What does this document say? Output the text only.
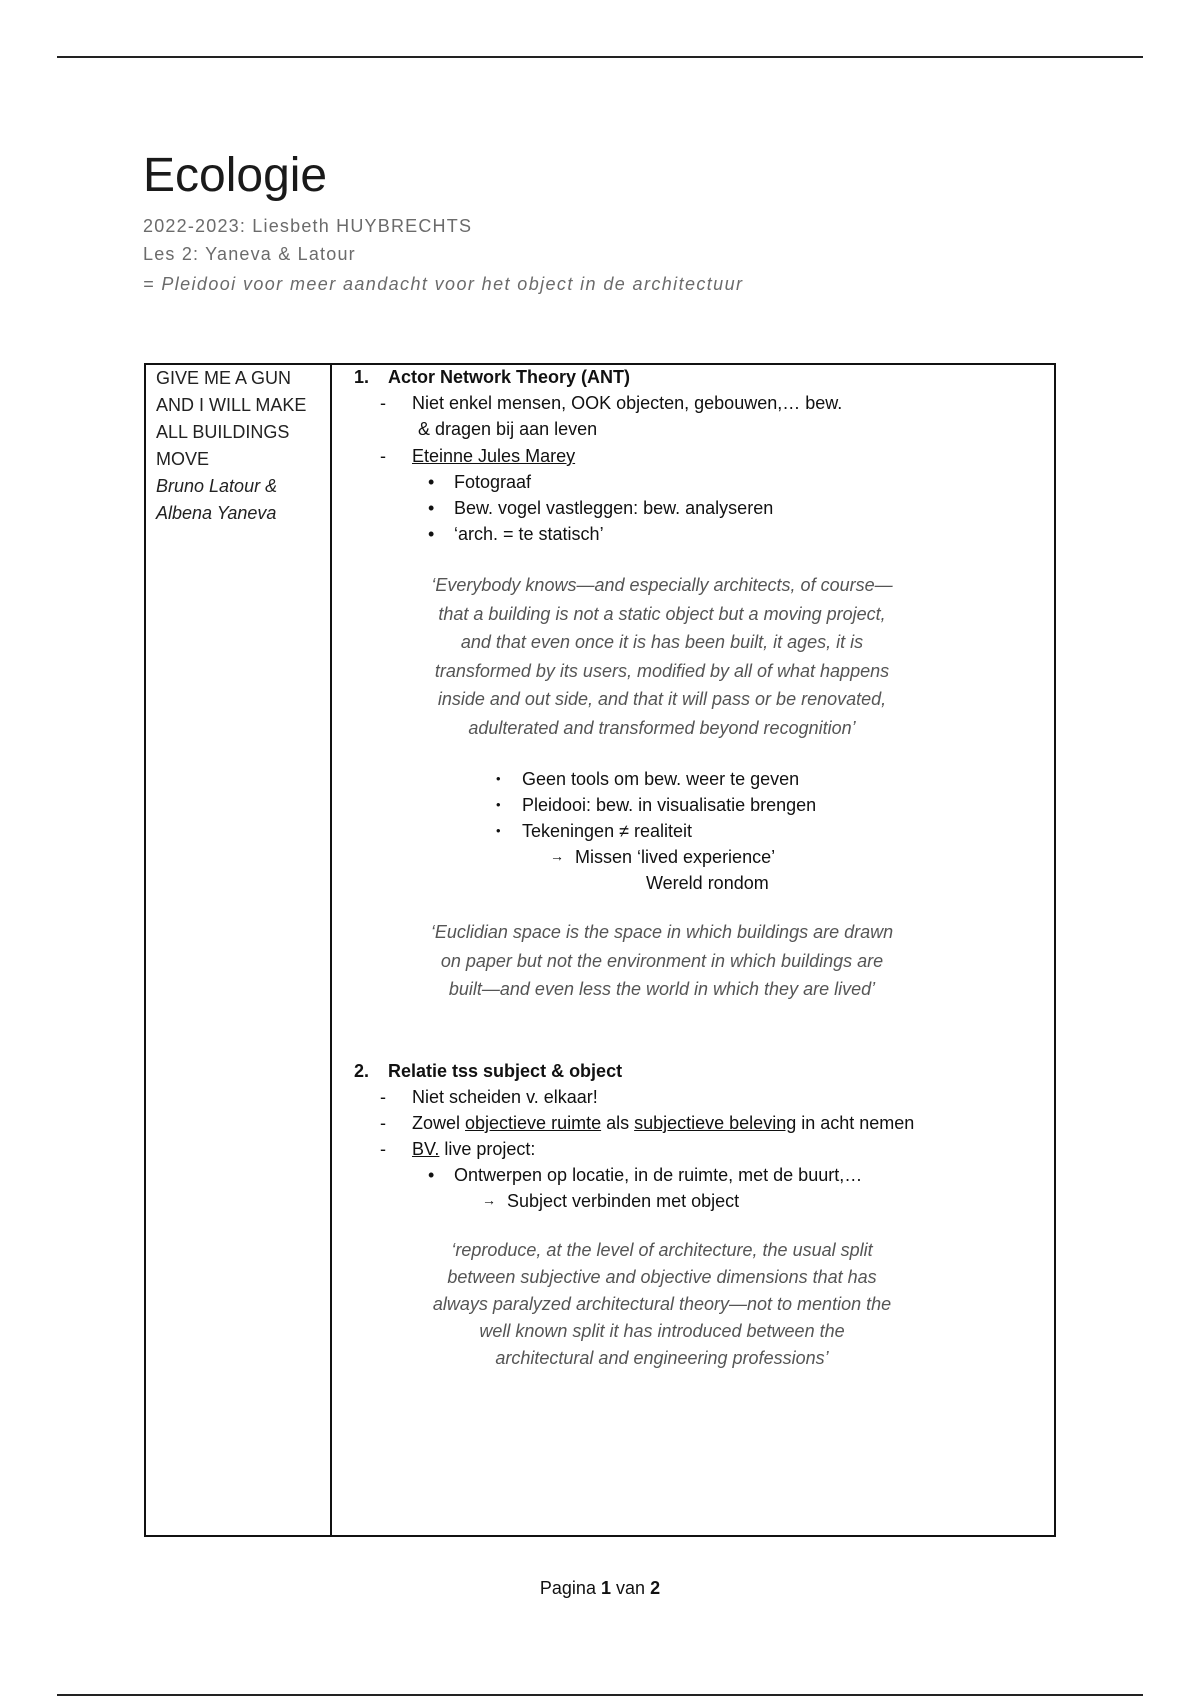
Ecologie
2022-2023: Liesbeth HUYBRECHTS
Les 2: Yaneva & Latour
= Pleidooi voor meer aandacht voor het object in de architectuur
GIVE ME A GUN
AND I WILL MAKE
ALL BUILDINGS
MOVE
Bruno Latour &
Albena Yaneva
1. Actor Network Theory (ANT)
- Niet enkel mensen, OOK objecten, gebouwen,… bew.
& dragen bij aan leven
- Eteinne Jules Marey
• Fotograaf
• Bew. vogel vastleggen: bew. analyseren
• ‘arch. = te statisch’

‘Everybody knows—and especially architects, of course—

that a building is not a static object but a moving project,

and that even once it is has been built, it ages, it is

transformed by its users, modified by all of what happens

inside and out side, and that it will pass or be renovated,

adulterated and transformed beyond recognition’

• Geen tools om bew. weer te geven
• Pleidooi: bew. in visualisatie brengen
• Tekeningen ≠ realiteit
→ Missen ‘lived experience’
Wereld rondom

‘Euclidian space is the space in which buildings are drawn

on paper but not the environment in which buildings are

built—and even less the world in which they are lived’

2. Relatie tss subject & object
- Niet scheiden v. elkaar!
- Zowel objectieve ruimte als subjectieve beleving in acht nemen
- BV. live project:
• Ontwerpen op locatie, in de ruimte, met de buurt,…
→ Subject verbinden met object

‘reproduce, at the level of architecture, the usual split

between subjective and objective dimensions that has

always paralyzed architectural theory—not to mention the

well known split it has introduced between the

architectural and engineering professions’

Pagina 1 van 2
